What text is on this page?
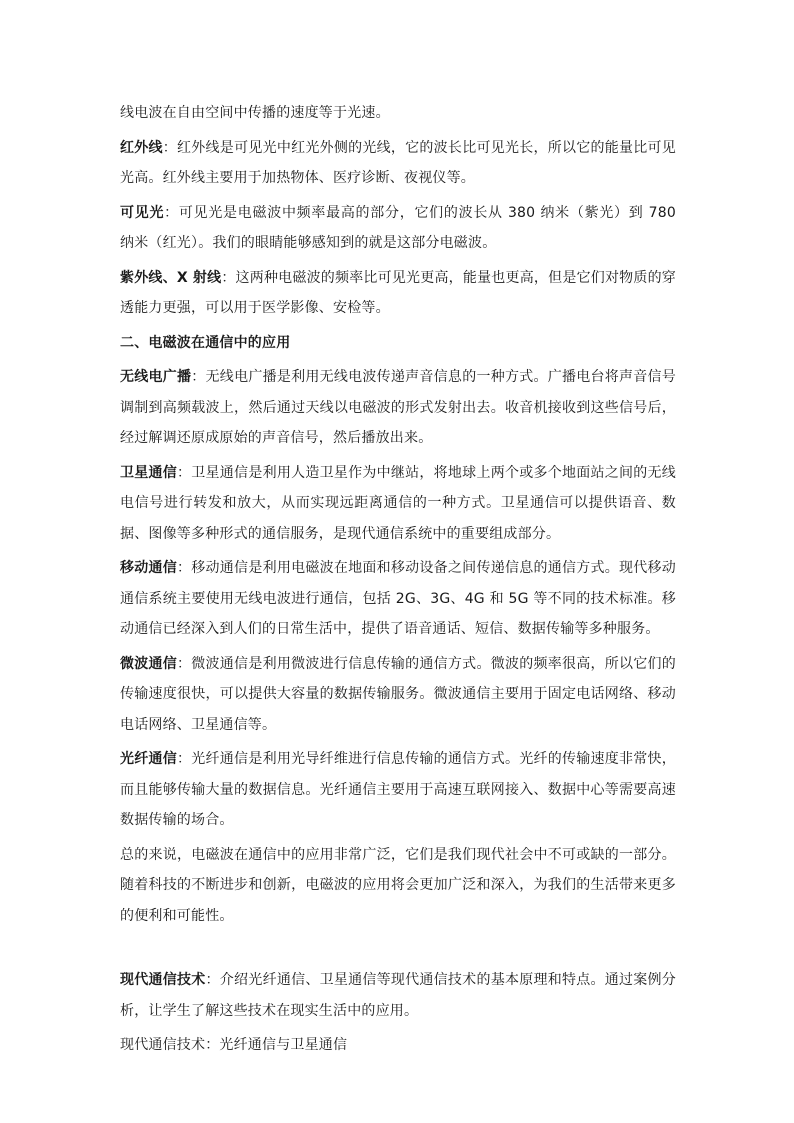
线电波在自由空间中传播的速度等于光速。

红外线：红外线是可见光中红光外侧的光线，它的波长比可见光长，所以它的能量比可见光高。红外线主要用于加热物体、医疗诊断、夜视仪等。

可见光：可见光是电磁波中频率最高的部分，它们的波长从 380 纳米（紫光）到 780 纳米（红光）。我们的眼睛能够感知到的就是这部分电磁波。

紫外线、X 射线：这两种电磁波的频率比可见光更高，能量也更高，但是它们对物质的穿透能力更强，可以用于医学影像、安检等。

二、电磁波在通信中的应用

无线电广播：无线电广播是利用无线电波传递声音信息的一种方式。广播电台将声音信号调制到高频载波上，然后通过天线以电磁波的形式发射出去。收音机接收到这些信号后，经过解调还原成原始的声音信号，然后播放出来。

卫星通信：卫星通信是利用人造卫星作为中继站，将地球上两个或多个地面站之间的无线电信号进行转发和放大，从而实现远距离通信的一种方式。卫星通信可以提供语音、数据、图像等多种形式的通信服务，是现代通信系统中的重要组成部分。

移动通信：移动通信是利用电磁波在地面和移动设备之间传递信息的通信方式。现代移动通信系统主要使用无线电波进行通信，包括 2G、3G、4G 和 5G 等不同的技术标准。移动通信已经深入到人们的日常生活中，提供了语音通话、短信、数据传输等多种服务。

微波通信：微波通信是利用微波进行信息传输的通信方式。微波的频率很高，所以它们的传输速度很快，可以提供大容量的数据传输服务。微波通信主要用于固定电话网络、移动电话网络、卫星通信等。

光纤通信：光纤通信是利用光导纤维进行信息传输的通信方式。光纤的传输速度非常快，而且能够传输大量的数据信息。光纤通信主要用于高速互联网接入、数据中心等需要高速数据传输的场合。

总的来说，电磁波在通信中的应用非常广泛，它们是我们现代社会中不可或缺的一部分。随着科技的不断进步和创新，电磁波的应用将会更加广泛和深入，为我们的生活带来更多的便利和可能性。

现代通信技术：介绍光纤通信、卫星通信等现代通信技术的基本原理和特点。通过案例分析，让学生了解这些技术在现实生活中的应用。

现代通信技术：光纤通信与卫星通信
